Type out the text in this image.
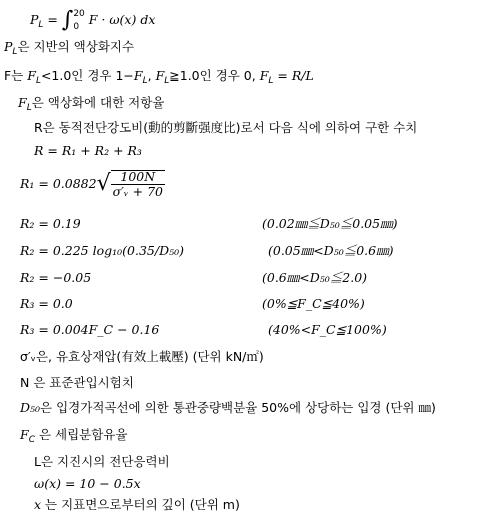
$P_L$ = ∫ 20
0 F · ω(x) dx
$P_L$은 지반의 액상화지수
F는 $F_L<1.0$인 경우 $1-F_L$, $F_L≧1.0$인 경우 0, $F_L = R/L$
$F_L$은 액상화에 대한 저항율
R은 동적전단강도비(動的剪斷强度比)로서 다음 식에 의하여 구한 수치
R = R₁ + R₂ + R₃
$R_1 = 0.0882√ \frac{100N}{\text{σ′ᵥ + 70}}$
R₂ = 0.19	(0.02㎜≦D₅₀≦0.05㎜)
R₂ = 0.225 log₁₀(0.35/D₅₀)	(0.05㎜<D₅₀≦0.6㎜)
R₂ = −0.05	(0.6㎜<D₅₀≦2.0)
R₃ = 0.0	(0%≦F_C≦40%)
R₃ = 0.004F_C − 0.16	(40%<F_C≦100%)
σ′ᵥ은, 유효상재압(有效上載壓) (단위 kN/㎡)
N 은 표준관입시험치
D₅₀은 입경가적곡선에 의한 통관중량백분율 50%에 상당하는 입경 (단위 ㎜)
$F_C$ 은 세립분함유율
L은 지진시의 전단응력비
ω(x) = 10 − 0.5x
x 는 지표면으로부터의 깊이 (단위 m)
